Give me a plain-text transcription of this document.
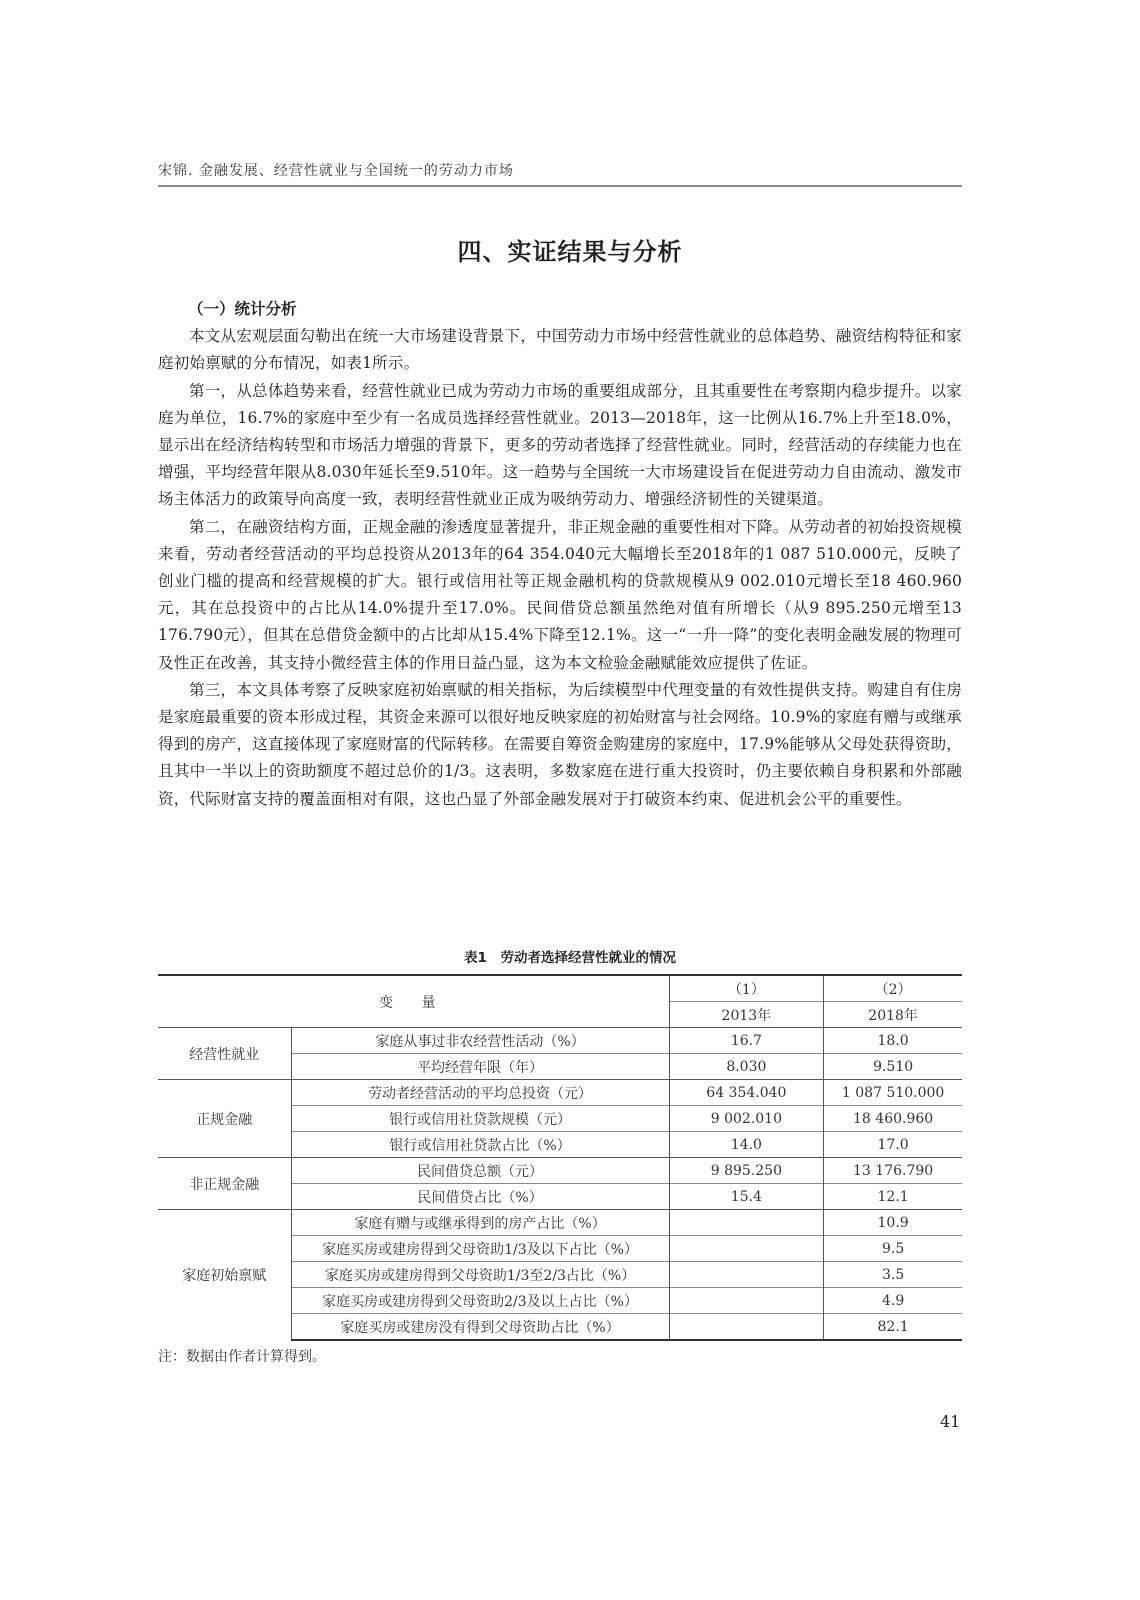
宋锦. 金融发展、经营性就业与全国统一的劳动力市场
四、实证结果与分析

（一）统计分析

本文从宏观层面勾勒出在统一大市场建设背景下，中国劳动力市场中经营性就业的总体趋势、融资结构特征和家庭初始禀赋的分布情况，如表1所示。

第一，从总体趋势来看，经营性就业已成为劳动力市场的重要组成部分，且其重要性在考察期内稳步提升。以家庭为单位，16.7%的家庭中至少有一名成员选择经营性就业。2013—2018年，这一比例从16.7%上升至18.0%，显示出在经济结构转型和市场活力增强的背景下，更多的劳动者选择了经营性就业。同时，经营活动的存续能力也在增强，平均经营年限从8.030年延长至9.510年。这一趋势与全国统一大市场建设旨在促进劳动力自由流动、激发市场主体活力的政策导向高度一致，表明经营性就业正成为吸纳劳动力、增强经济韧性的关键渠道。

第二，在融资结构方面，正规金融的渗透度显著提升，非正规金融的重要性相对下降。从劳动者的初始投资规模来看，劳动者经营活动的平均总投资从2013年的64 354.040元大幅增长至2018年的1 087 510.000元，反映了创业门槛的提高和经营规模的扩大。银行或信用社等正规金融机构的贷款规模从9 002.010元增长至18 460.960元，其在总投资中的占比从14.0%提升至17.0%。民间借贷总额虽然绝对值有所增长（从9 895.250元增至13 176.790元），但其在总借贷金额中的占比却从15.4%下降至12.1%。这一“一升一降”的变化表明金融发展的物理可及性正在改善，其支持小微经营主体的作用日益凸显，这为本文检验金融赋能效应提供了佐证。

第三，本文具体考察了反映家庭初始禀赋的相关指标，为后续模型中代理变量的有效性提供支持。购建自有住房是家庭最重要的资本形成过程，其资金来源可以很好地反映家庭的初始财富与社会网络。10.9%的家庭有赠与或继承得到的房产，这直接体现了家庭财富的代际转移。在需要自筹资金购建房的家庭中，17.9%能够从父母处获得资助，且其中一半以上的资助额度不超过总价的1/3。这表明，多数家庭在进行重大投资时，仍主要依赖自身积累和外部融资，代际财富支持的覆盖面相对有限，这也凸显了外部金融发展对于打破资本约束、促进机会公平的重要性。

表1　劳动者选择经营性就业的情况
变 量		（1）	（2）
		2013年	2018年
经营性就业	家庭从事过非农经营性活动（%）	16.7	18.0
	平均经营年限（年）	8.030	9.510
正规金融	劳动者经营活动的平均总投资（元）	64 354.040	1 087 510.000
	银行或信用社贷款规模（元）	9 002.010	18 460.960
	银行或信用社贷款占比（%）	14.0	17.0
非正规金融	民间借贷总额（元）	9 895.250	13 176.790
	民间借贷占比（%）	15.4	12.1
家庭初始禀赋	家庭有赠与或继承得到的房产占比（%）		10.9
	家庭买房或建房得到父母资助1/3及以下占比（%）		9.5
	家庭买房或建房得到父母资助1/3至2/3占比（%）		3.5
	家庭买房或建房得到父母资助2/3及以上占比（%）		4.9
	家庭买房或建房没有得到父母资助占比（%）		82.1
注：数据由作者计算得到。
41
